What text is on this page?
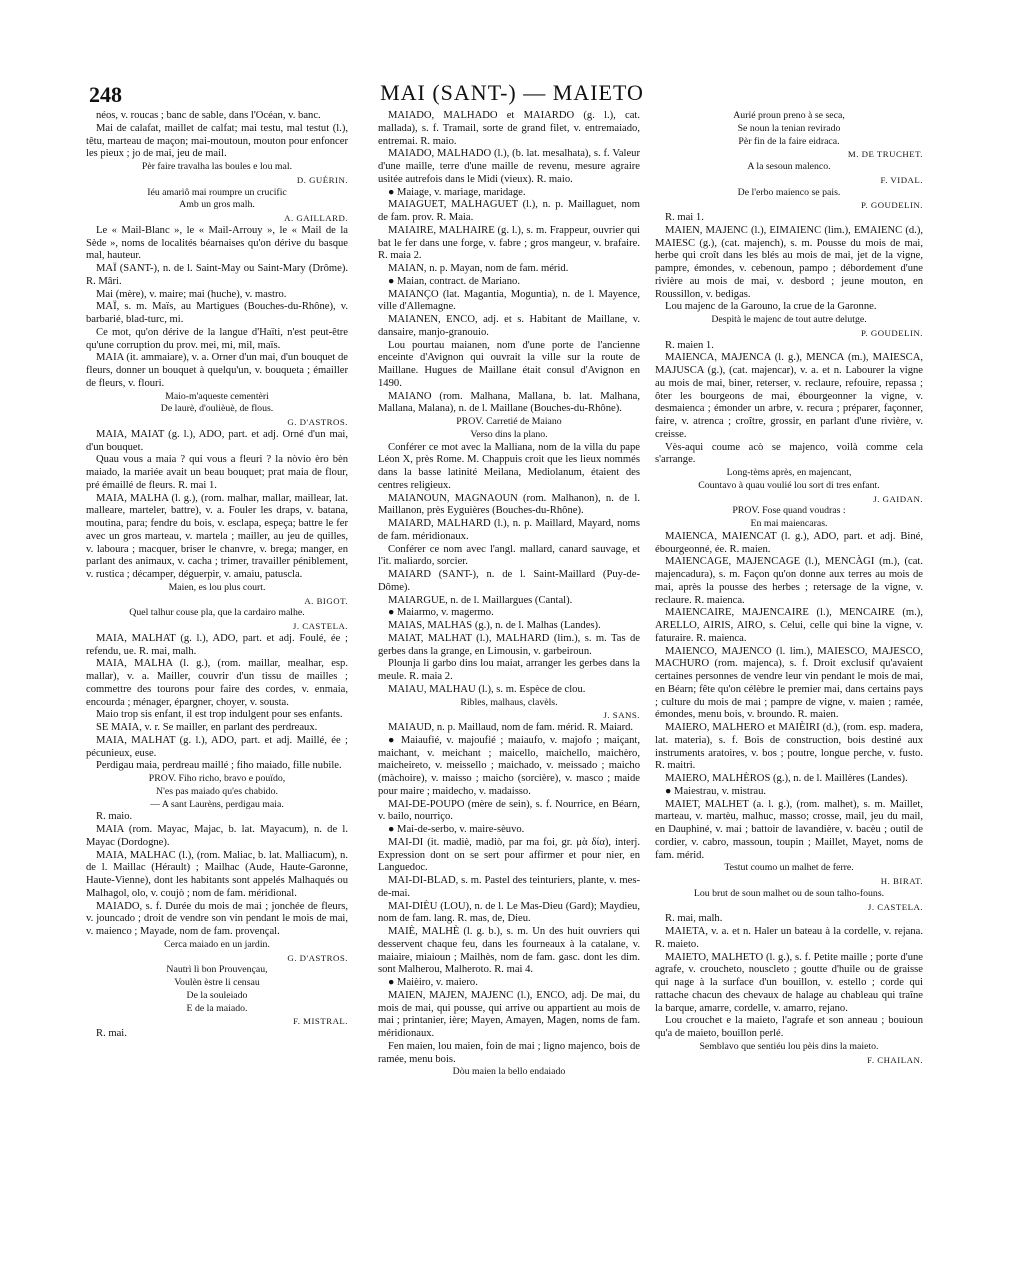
248	MAI (SANT-) — MAIETO

néos, v. roucas ; banc de sable, dans l'Océan, v. banc.

Mai de calafat, maillet de calfat; mai testu, mal testut (l.), têtu, marteau de maçon; mai-moutoun, mouton pour enfoncer les pieux ; jo de mai, jeu de mail.

Pèr faire travalha las boules e lou mal.

D. GUÉRIN.

Iéu amariô mai roumpre un crucific

Amb un gros malh.

A. GAILLARD.

Le « Mail-Blanc », le « Mail-Arrouy », le « Mail de la Sède », noms de localités béarnaises qu'on dérive du basque mal, hauteur.

MAÏ (SANT-), n. de l. Saint-May ou Saint-Mary (Drôme). R. Mâri.

Mai (mère), v. maire; mai (huche), v. mastro.

MAÏ, s. m. Maïs, au Martigues (Bouches-du-Rhône), v. barbarié, blad-turc, mi.

Ce mot, qu'on dérive de la langue d'Haïti, n'est peut-être qu'une corruption du prov. mei, mi, mil, maïs.

MAIA (it. ammaiare), v. a. Orner d'un mai, d'un bouquet de fleurs, donner un bouquet à quelqu'un, v. bouqueta ; émailler de fleurs, v. flouri.

Maio-m'aqueste cementèri

De laurè, d'oulièuè, de flous.

G. D'ASTROS.

MAIA, MAIAT (g. l.), ADO, part. et adj. Orné d'un mai, d'un bouquet.

Quau vous a maia ? qui vous a fleuri ? la nòvio èro bèn maiado, la mariée avait un beau bouquet; prat maia de flour, pré émaillé de fleurs. R. mai 1.

MAIA, MALHA (l. g.), (rom. malhar, mallar, maillear, lat. malleare, marteler, battre), v. a. Fouler les draps, v. batana, moutina, para; fendre du bois, v. esclapa, espeça; battre le fer avec un gros marteau, v. martela ; mailler, au jeu de quilles, v. laboura ; macquer, briser le chanvre, v. brega; manger, en parlant des animaux, v. cacha ; trimer, travailler péniblement, v. rustica ; décamper, déguerpir, v. amaiu, patuscla.

Maien, es lou plus court.

A. BIGOT.

Quel talhur couse pla, que la cardairo malhe.

J. CASTELA.

MAIA, MALHAT (g. l.), ADO, part. et adj. Foulé, ée ; refendu, ue. R. mai, malh.

MAIA, MALHA (l. g.), (rom. maillar, mealhar, esp. mallar), v. a. Mailler, couvrir d'un tissu de mailles ; commettre des tourons pour faire des cordes, v. enmaia, encourda ; ménager, épargner, choyer, v. sousta.

Maio trop sis enfant, il est trop indulgent pour ses enfants.

SE MAIA, v. r. Se mailler, en parlant des perdreaux.

MAIA, MALHAT (g. l.), ADO, part. et adj. Maillé, ée ; pécunieux, euse.

Perdigau maia, perdreau maillé ; fiho maiado, fille nubile.

PROV. Fiho richo, bravo e pouïdo,

N'es pas maiado qu'es chabido.

— A sant Laurèns, perdigau maia.

R. maio.

MAIA (rom. Mayac, Majac, b. lat. Mayacum), n. de l. Mayac (Dordogne).

MAIA, MALHAC (l.), (rom. Maliac, b. lat. Malliacum), n. de l. Maillac (Hérault) ; Mailhac (Aude, Haute-Garonne, Haute-Vienne), dont les habitants sont appelés Malhaqués ou Malhagol, olo, v. coujò ; nom de fam. méridional.

MAIADO, s. f. Durée du mois de mai ; jonchée de fleurs, v. jouncado ; droit de vendre son vin pendant le mois de mai, v. maienco ; Mayade, nom de fam. provençal.

Cerca maiado en un jardin.

G. D'ASTROS.

Nautrì lì bon Prouvençau,

Voulèn èstre li censau

De la souleiado

E de la maiado.

F. MISTRAL.

R. mai.

MAIADO, MALHADO et MAIARDO (g. l.), cat. mallada), s. f. Tramail, sorte de grand filet, v. entremaiado, entremai. R. maio.

MAIADO, MALHADO (l.), (b. lat. mesalhata), s. f. Valeur d'une maille, terre d'une maille de revenu, mesure agraire usitée autrefois dans le Midi (vieux). R. maio.

● Maiage, v. mariage, maridage.

MAIAGUET, MALHAGUET (l.), n. p. Maillaguet, nom de fam. prov. R. Maia.

MAIAIRE, MALHAIRE (g. l.), s. m. Frappeur, ouvrier qui bat le fer dans une forge, v. fabre ; gros mangeur, v. brafaire. R. maia 2.

MAIAN, n. p. Mayan, nom de fam. mérid.

● Maian, contract. de Mariano.

MAIANÇO (lat. Magantia, Moguntia), n. de l. Mayence, ville d'Allemagne.

MAIANEN, ENCO, adj. et s. Habitant de Maillane, v. dansaire, manjo-granouio.

Lou pourtau maianen, nom d'une porte de l'ancienne enceinte d'Avignon qui ouvrait la ville sur la route de Maillane. Hugues de Maillane était consul d'Avignon en 1490.

MAIANO (rom. Malhana, Mallana, b. lat. Malhana, Mallana, Malana), n. de l. Maillane (Bouches-du-Rhône).

PROV. Carretié de Maiano

Verso dins la plano.

Conférer ce mot avec la Malliana, nom de la villa du pape Léon X, près Rome. M. Chappuis croit que les lieux nommés dans la basse latinité Meilana, Mediolanum, étaient des centres religieux.

MAIANOUN, MAGNAOUN (rom. Malhanon), n. de l. Maillanon, près Eyguières (Bouches-du-Rhône).

MAIARD, MALHARD (l.), n. p. Maillard, Mayard, noms de fam. méridionaux.

Conférer ce nom avec l'angl. mallard, canard sauvage, et l'it. maliardo, sorcier.

MAIARD (SANT-), n. de l. Saint-Maillard (Puy-de-Dôme).

MAIARGUE, n. de l. Maillargues (Cantal).

● Maiarmo, v. magermo.

MAIAS, MALHAS (g.), n. de l. Malhas (Landes).

MAIAT, MALHAT (l.), MALHARD (lim.), s. m. Tas de gerbes dans la grange, en Limousin, v. garbeiroun.

Plounja li garbo dins lou maiat, arranger les gerbes dans la meule. R. maia 2.

MAIAU, MALHAU (l.), s. m. Espèce de clou.

Ribles, malhaus, clavèls.

J. SANS.

MAIAUD, n. p. Maillaud, nom de fam. mérid. R. Maiard.

● Maiaufié, v. majoufié ; maiaufo, v. majofo ; maiçant, maichant, v. meichant ; maicello, maichello, maichèro, maicheireto, v. meissello ; maichado, v. meissado ; maicho (màchoire), v. maisso ; maicho (sorcière), v. masco ; maide pour maire ; maidecho, v. madaisso.

MAI-DE-POUPO (mère de sein), s. f. Nourrice, en Béarn, v. bailo, nourriço.

● Mai-de-serbo, v. maire-sèuvo.

MAI-DI (it. madiè, madiò, par ma foi, gr. μὰ δία), interj. Expression dont on se sert pour affirmer et pour nier, en Languedoc.

MAI-DI-BLAD, s. m. Pastel des teinturiers, plante, v. mes-de-mai.

MAI-DIÈU (LOU), n. de l. Le Mas-Dieu (Gard); Maydieu, nom de fam. lang. R. mas, de, Dieu.

MAIÈ, MALHÈ (l. g. b.), s. m. Un des huit ouvriers qui desservent chaque feu, dans les fourneaux à la catalane, v. maiaire, miaioun ; Mailhès, nom de fam. gasc. dont les dim. sont Malherou, Malheroto. R. mai 4.

● Maièiro, v. maiero.

MAIEN, MAJEN, MAJENC (l.), ENCO, adj. De mai, du mois de mai, qui pousse, qui arrive ou appartient au mois de mai ; printanier, ière; Mayen, Amayen, Magen, noms de fam. méridionaux.

Fen maien, lou maien, foin de mai ; ligno majenco, bois de ramée, menu bois.

Dòu maien la bello endaiado

Aurié proun preno à se seca,

Se noun la tenian revirado

Pèr fin de la faire eidraca.

M. DE TRUCHET.

A la sesoun malenco.

F. VIDAL.

De l'erbo maienco se pais.

P. GOUDELIN.

R. mai 1.

MAIEN, MAJENC (l.), EIMAIENC (lim.), EMAIENC (d.), MAIESC (g.), (cat. majench), s. m. Pousse du mois de mai, herbe qui croît dans les blés au mois de mai, jet de la vigne, pampre, émondes, v. cebenoun, pampo ; débordement d'une rivière au mois de mai, v. desbord ; jeune mouton, en Roussillon, v. bedigas.

Lou majenc de la Garouno, la crue de la Garonne.

Despità le majenc de tout autre delutge.

P. GOUDELIN.

R. maien 1.

MAIENCA, MAJENCA (l. g.), MENCA (m.), MAIESCA, MAJUSCA (g.), (cat. majencar), v. a. et n. Labourer la vigne au mois de mai, biner, reterser, v. reclaure, refouire, repassa ; ôter les bourgeons de mai, ébourgeonner la vigne, v. desmaienca ; émonder un arbre, v. recura ; préparer, façonner, faire, v. atrenca ; croître, grossir, en parlant d'une rivière, v. creisse.

Vès-aqui coume acò se majenco, voilà comme cela s'arrange.

Long-tèms après, en majencant,

Countavo à quau voulié lou sort di tres enfant.

J. GAIDAN.

PROV. Fose quand voudras :

En mai maiencaras.

MAIENCA, MAIENCAT (l. g.), ADO, part. et adj. Biné, ébourgeonné, ée. R. maien.

MAIENCAGE, MAJENCAGE (l.), MENCÀGI (m.), (cat. majencadura), s. m. Façon qu'on donne aux terres au mois de mai, après la pousse des herbes ; retersage de la vigne, v. reclaure. R. maienca.

MAIENCAIRE, MAJENCAIRE (l.), MENCAIRE (m.), ARELLO, AIRIS, AIRO, s. Celui, celle qui bine la vigne, v. faturaire. R. maienca.

MAIENCO, MAJENCO (l. lim.), MAIESCO, MAJESCO, MACHURO (rom. majenca), s. f. Droit exclusif qu'avaient certaines personnes de vendre leur vin pendant le mois de mai, en Béarn; fête qu'on célèbre le premier mai, dans certains pays ; culture du mois de mai ; pampre de vigne, v. maien ; ramée, émondes, menu bois, v. broundo. R. maien.

MAIERO, MALHERO et MAIÈIRI (d.), (rom. esp. madera, lat. materia), s. f. Bois de construction, bois destiné aux instruments aratoires, v. bos ; poutre, longue perche, v. fusto. R. maitri.

MAIERO, MALHÈROS (g.), n. de l. Maillères (Landes).

● Maiestrau, v. mistrau.

MAIET, MALHET (a. l. g.), (rom. malhet), s. m. Maillet, marteau, v. martèu, malhuc, masso; crosse, mail, jeu du mail, en Dauphiné, v. mai ; battoir de lavandière, v. bacèu ; outil de cordier, v. cabro, massoun, toupin ; Maillet, Mayet, noms de fam. mérid.

Testut coumo un malhet de ferre.

H. BIRAT.

Lou brut de soun malhet ou de soun talho-founs.

J. CASTELA.

R. mai, malh.

MAIETA, v. a. et n. Haler un bateau à la cordelle, v. rejana. R. maieto.

MAIETO, MALHETO (l. g.), s. f. Petite maille ; porte d'une agrafe, v. croucheto, nouscleto ; goutte d'huile ou de graisse qui nage à la surface d'un bouillon, v. estello ; corde qui rattache chacun des chevaux de halage au chableau qui traîne la barque, amarre, cordelle, v. amarro, rejano.

Lou crouchet e la maieto, l'agrafe et son anneau ; bouioun qu'a de maieto, bouillon perlé.

Semblavo que sentiéu lou pèis dins la maieto.

F. CHAILAN.
